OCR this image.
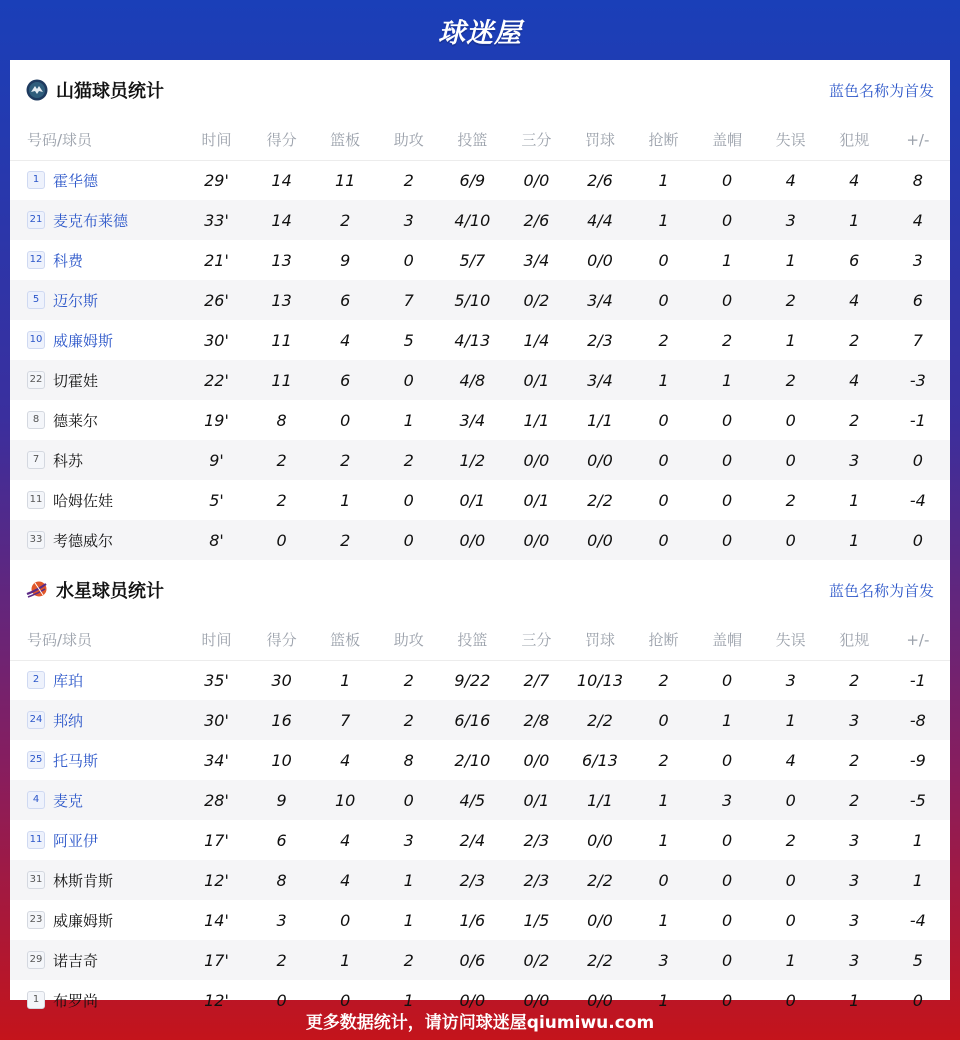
球迷屋
山猫球员统计	蓝色名称为首发
号码/球员	时间	得分	篮板	助攻	投篮	三分	罚球	抢断	盖帽	失误	犯规	+/-
1 霍华德	29'	14	11	2	6/9	0/0	2/6	1	0	4	4	8
21 麦克布莱德	33'	14	2	3	4/10	2/6	4/4	1	0	3	1	4
12 科费	21'	13	9	0	5/7	3/4	0/0	0	1	1	6	3
5 迈尔斯	26'	13	6	7	5/10	0/2	3/4	0	0	2	4	6
10 威廉姆斯	30'	11	4	5	4/13	1/4	2/3	2	2	1	2	7
22 切霍娃	22'	11	6	0	4/8	0/1	3/4	1	1	2	4	-3
8 德莱尔	19'	8	0	1	3/4	1/1	1/1	0	0	0	2	-1
7 科苏	9'	2	2	2	1/2	0/0	0/0	0	0	0	3	0
11 哈姆佐娃	5'	2	1	0	0/1	0/1	2/2	0	0	2	1	-4
33 考德威尔	8'	0	2	0	0/0	0/0	0/0	0	0	0	1	0
水星球员统计	蓝色名称为首发
号码/球员	时间	得分	篮板	助攻	投篮	三分	罚球	抢断	盖帽	失误	犯规	+/-
2 库珀	35'	30	1	2	9/22	2/7	10/13	2	0	3	2	-1
24 邦纳	30'	16	7	2	6/16	2/8	2/2	0	1	1	3	-8
25 托马斯	34'	10	4	8	2/10	0/0	6/13	2	0	4	2	-9
4 麦克	28'	9	10	0	4/5	0/1	1/1	1	3	0	2	-5
11 阿亚伊	17'	6	4	3	2/4	2/3	0/0	1	0	2	3	1
31 林斯肯斯	12'	8	4	1	2/3	2/3	2/2	0	0	0	3	1
23 威廉姆斯	14'	3	0	1	1/6	1/5	0/0	1	0	0	3	-4
29 诺吉奇	17'	2	1	2	0/6	0/2	2/2	3	0	1	3	5
1 布罗尚	12'	0	0	1	0/0	0/0	0/0	1	0	0	1	0
更多数据统计，请访问球迷屋qiumiwu.com
